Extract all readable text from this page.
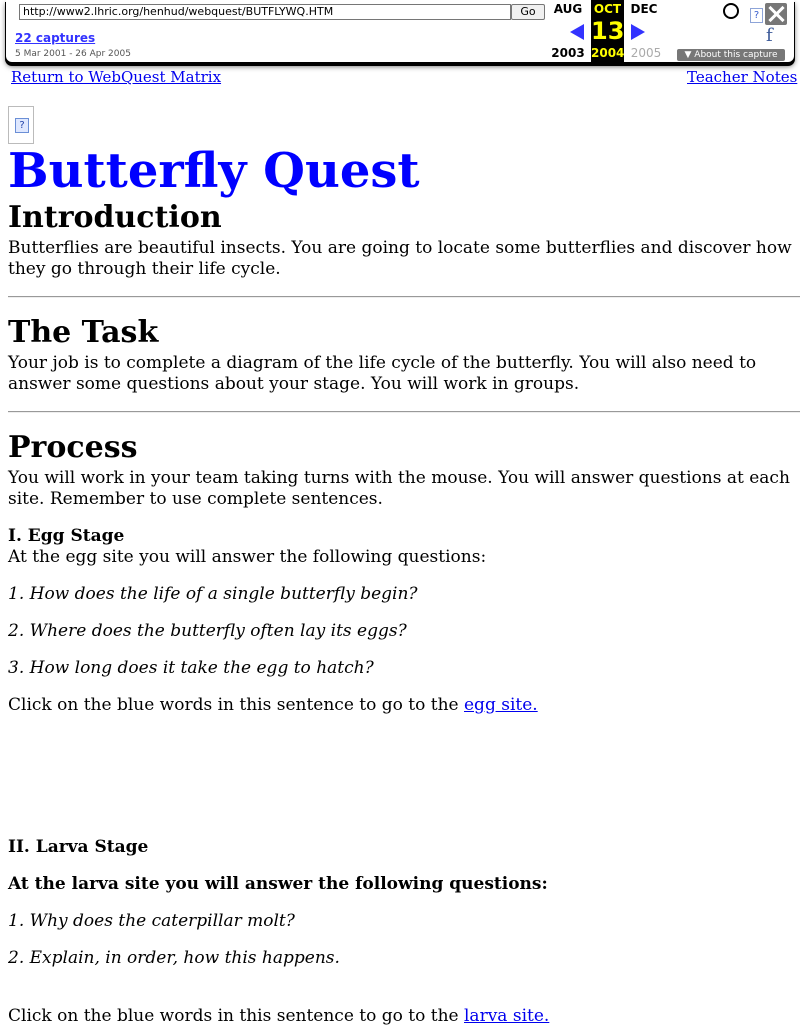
http://www2.lhric.org/henhud/webquest/BUTFLYWQ.HTM
Go
22 captures
5 Mar 2001 - 26 Apr 2005
AUG	DEC
OCT
13
2004
2003	2005
?
f
▼ About this capture
Return to WebQuest Matrix	Teacher Notes
?
Butterfly Quest
Introduction

Butterflies are beautiful insects. You are going to locate some butterflies and discover how they go through their life cycle.

The Task

Your job is to complete a diagram of the life cycle of the butterfly. You will also need to answer some questions about your stage. You will work in groups.

Process

You will work in your team taking turns with the mouse. You will answer questions at each site. Remember to use complete sentences.

I. Egg Stage

At the egg site you will answer the following questions:

1. How does the life of a single butterfly begin?

2. Where does the butterfly often lay its eggs?

3. How long does it take the egg to hatch?

Click on the blue words in this sentence to go to the egg site.

II. Larva Stage

At the larva site you will answer the following questions:

1. Why does the caterpillar molt?

2. Explain, in order, how this happens.

Click on the blue words in this sentence to go to the larva site.
